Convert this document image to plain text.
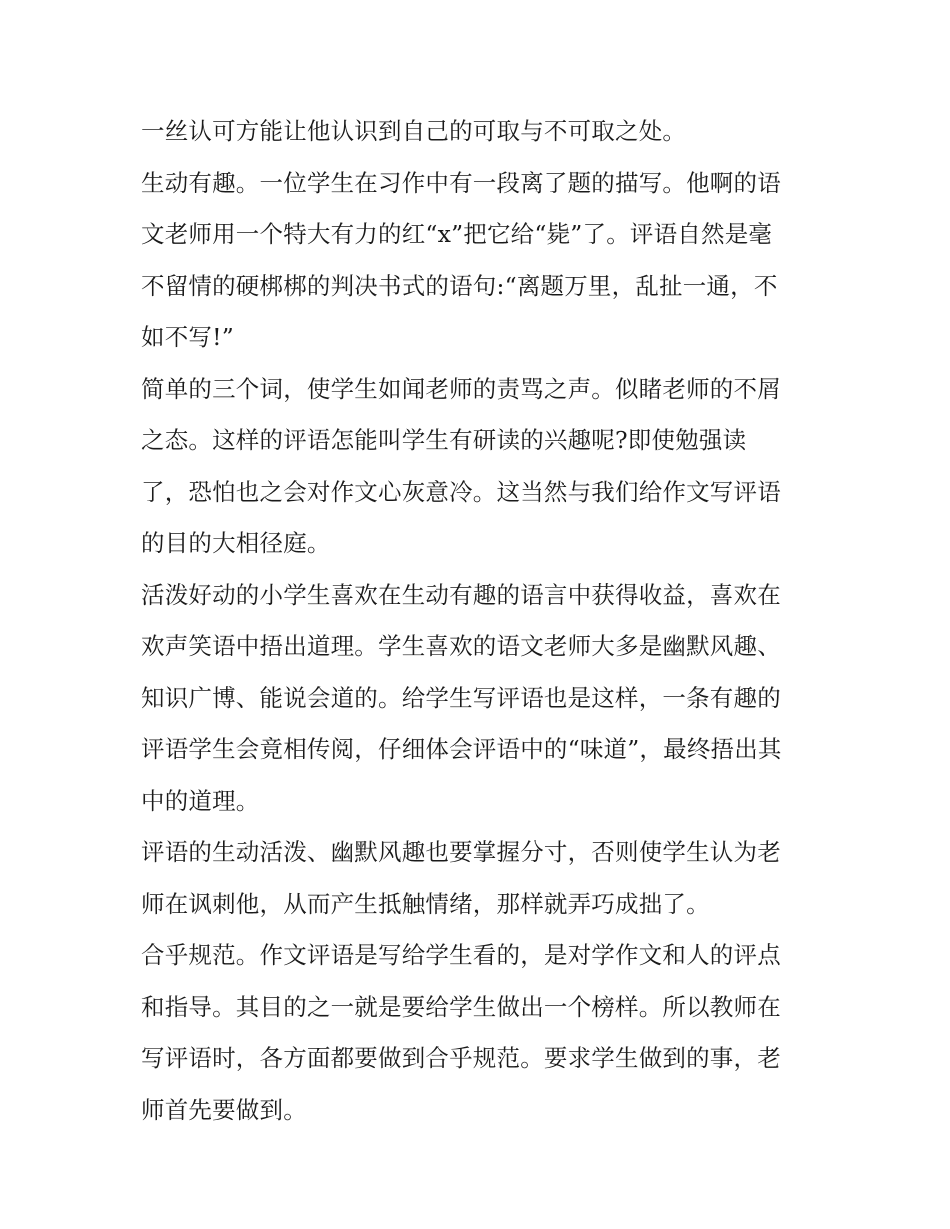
一丝认可方能让他认识到自己的可取与不可取之处。
生动有趣。一位学生在习作中有一段离了题的描写。他啊的语
文老师用一个特大有力的红“x”把它给“毙”了。评语自然是毫
不留情的硬梆梆的判决书式的语句:“离题万里，乱扯一通，不
如不写!”
简单的三个词，使学生如闻老师的责骂之声。似睹老师的不屑
之态。这样的评语怎能叫学生有研读的兴趣呢?即使勉强读
了，恐怕也之会对作文心灰意冷。这当然与我们给作文写评语
的目的大相径庭。
活泼好动的小学生喜欢在生动有趣的语言中获得收益，喜欢在
欢声笑语中捂出道理。学生喜欢的语文老师大多是幽默风趣、
知识广博、能说会道的。给学生写评语也是这样，一条有趣的
评语学生会竟相传阅，仔细体会评语中的“味道”，最终捂出其
中的道理。
评语的生动活泼、幽默风趣也要掌握分寸，否则使学生认为老
师在讽刺他，从而产生抵触情绪，那样就弄巧成拙了。
合乎规范。作文评语是写给学生看的，是对学作文和人的评点
和指导。其目的之一就是要给学生做出一个榜样。所以教师在
写评语时，各方面都要做到合乎规范。要求学生做到的事，老
师首先要做到。
